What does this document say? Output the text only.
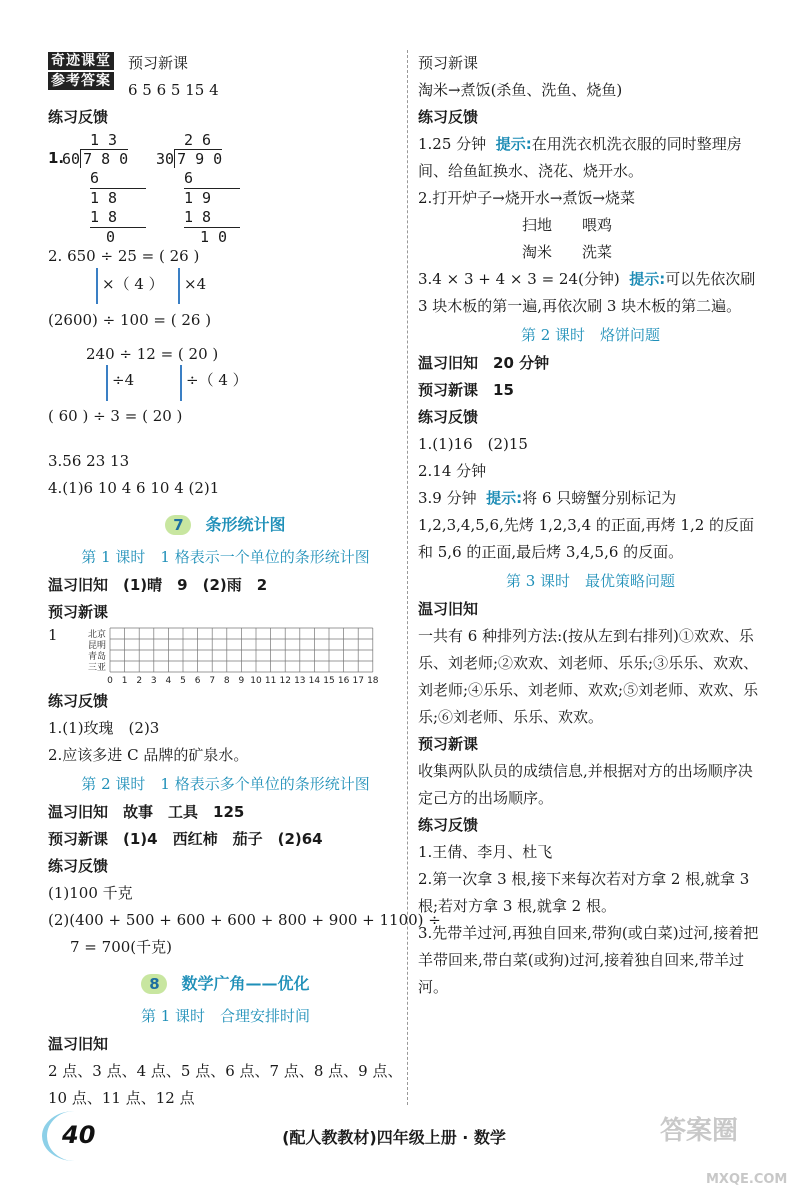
奇迹课堂
参考答案
预习新课
6 5 6 5 15 4
练习反馈
1.
1 3
60 7 8 0
6
1 8
1 8
0
2 6
30 7 9 0
6
1 9
1 8
1 0
2. 650 ÷ 25 = ( 26 )
×（ 4 ） ×4
(2600) ÷ 100 = ( 26 )
240 ÷ 12 = ( 20 )
÷4	÷（ 4 ）
( 60 ) ÷ 3 = ( 20 )
3.56 23 13
4.(1)6 10 4 6 10 4 (2)1
7 条形统计图
第 1 课时　1 格表示一个单位的条形统计图
温习旧知　(1)晴　9　(2)雨　2
预习新课
1	北京
昆明
青岛
三亚
0 1 2 3 4 5 6 7 8 9 10 11 12 13 14 15 16 17 18
练习反馈
1.(1)玫瑰　(2)3
2.应该多进 C 品牌的矿泉水。
第 2 课时　1 格表示多个单位的条形统计图
温习旧知　故事　工具　125
预习新课　(1)4　西红柿　茄子　(2)64
练习反馈
(1)100 千克
(2)(400 + 500 + 600 + 600 + 800 + 900 + 1100) ÷
7 = 700(千克)
8 数学广角——优化
第 1 课时　合理安排时间
温习旧知
2 点、3 点、4 点、5 点、6 点、7 点、8 点、9 点、
10 点、11 点、12 点
预习新课
淘米→煮饭(杀鱼、洗鱼、烧鱼)
练习反馈
1.25 分钟 提示:在用洗衣机洗衣服的同时整理房间、给鱼缸换水、浇花、烧开水。
2.打开炉子→烧开水→煮饭→烧菜
扫地　　喂鸡
淘米　　洗菜
3.4 × 3 + 4 × 3 = 24(分钟) 提示:可以先依次刷 3 块木板的第一遍,再依次刷 3 块木板的第二遍。
第 2 课时　烙饼问题
温习旧知　20 分钟
预习新课　15
练习反馈
1.(1)16　(2)15
2.14 分钟
3.9 分钟 提示:将 6 只螃蟹分别标记为 1,2,3,4,5,6,先烤 1,2,3,4 的正面,再烤 1,2 的反面和 5,6 的正面,最后烤 3,4,5,6 的反面。
第 3 课时　最优策略问题
温习旧知
一共有 6 种排列方法:(按从左到右排列)①欢欢、乐乐、刘老师;②欢欢、刘老师、乐乐;③乐乐、欢欢、刘老师;④乐乐、刘老师、欢欢;⑤刘老师、欢欢、乐乐;⑥刘老师、乐乐、欢欢。
预习新课
收集两队队员的成绩信息,并根据对方的出场顺序决定己方的出场顺序。
练习反馈
1.王倩、李月、杜飞
2.第一次拿 3 根,接下来每次若对方拿 2 根,就拿 3 根;若对方拿 3 根,就拿 2 根。
3.先带羊过河,再独自回来,带狗(或白菜)过河,接着把羊带回来,带白菜(或狗)过河,接着独自回来,带羊过河。
40	(配人教教材)四年级上册 · 数学	答案圈
MXQE.COM
